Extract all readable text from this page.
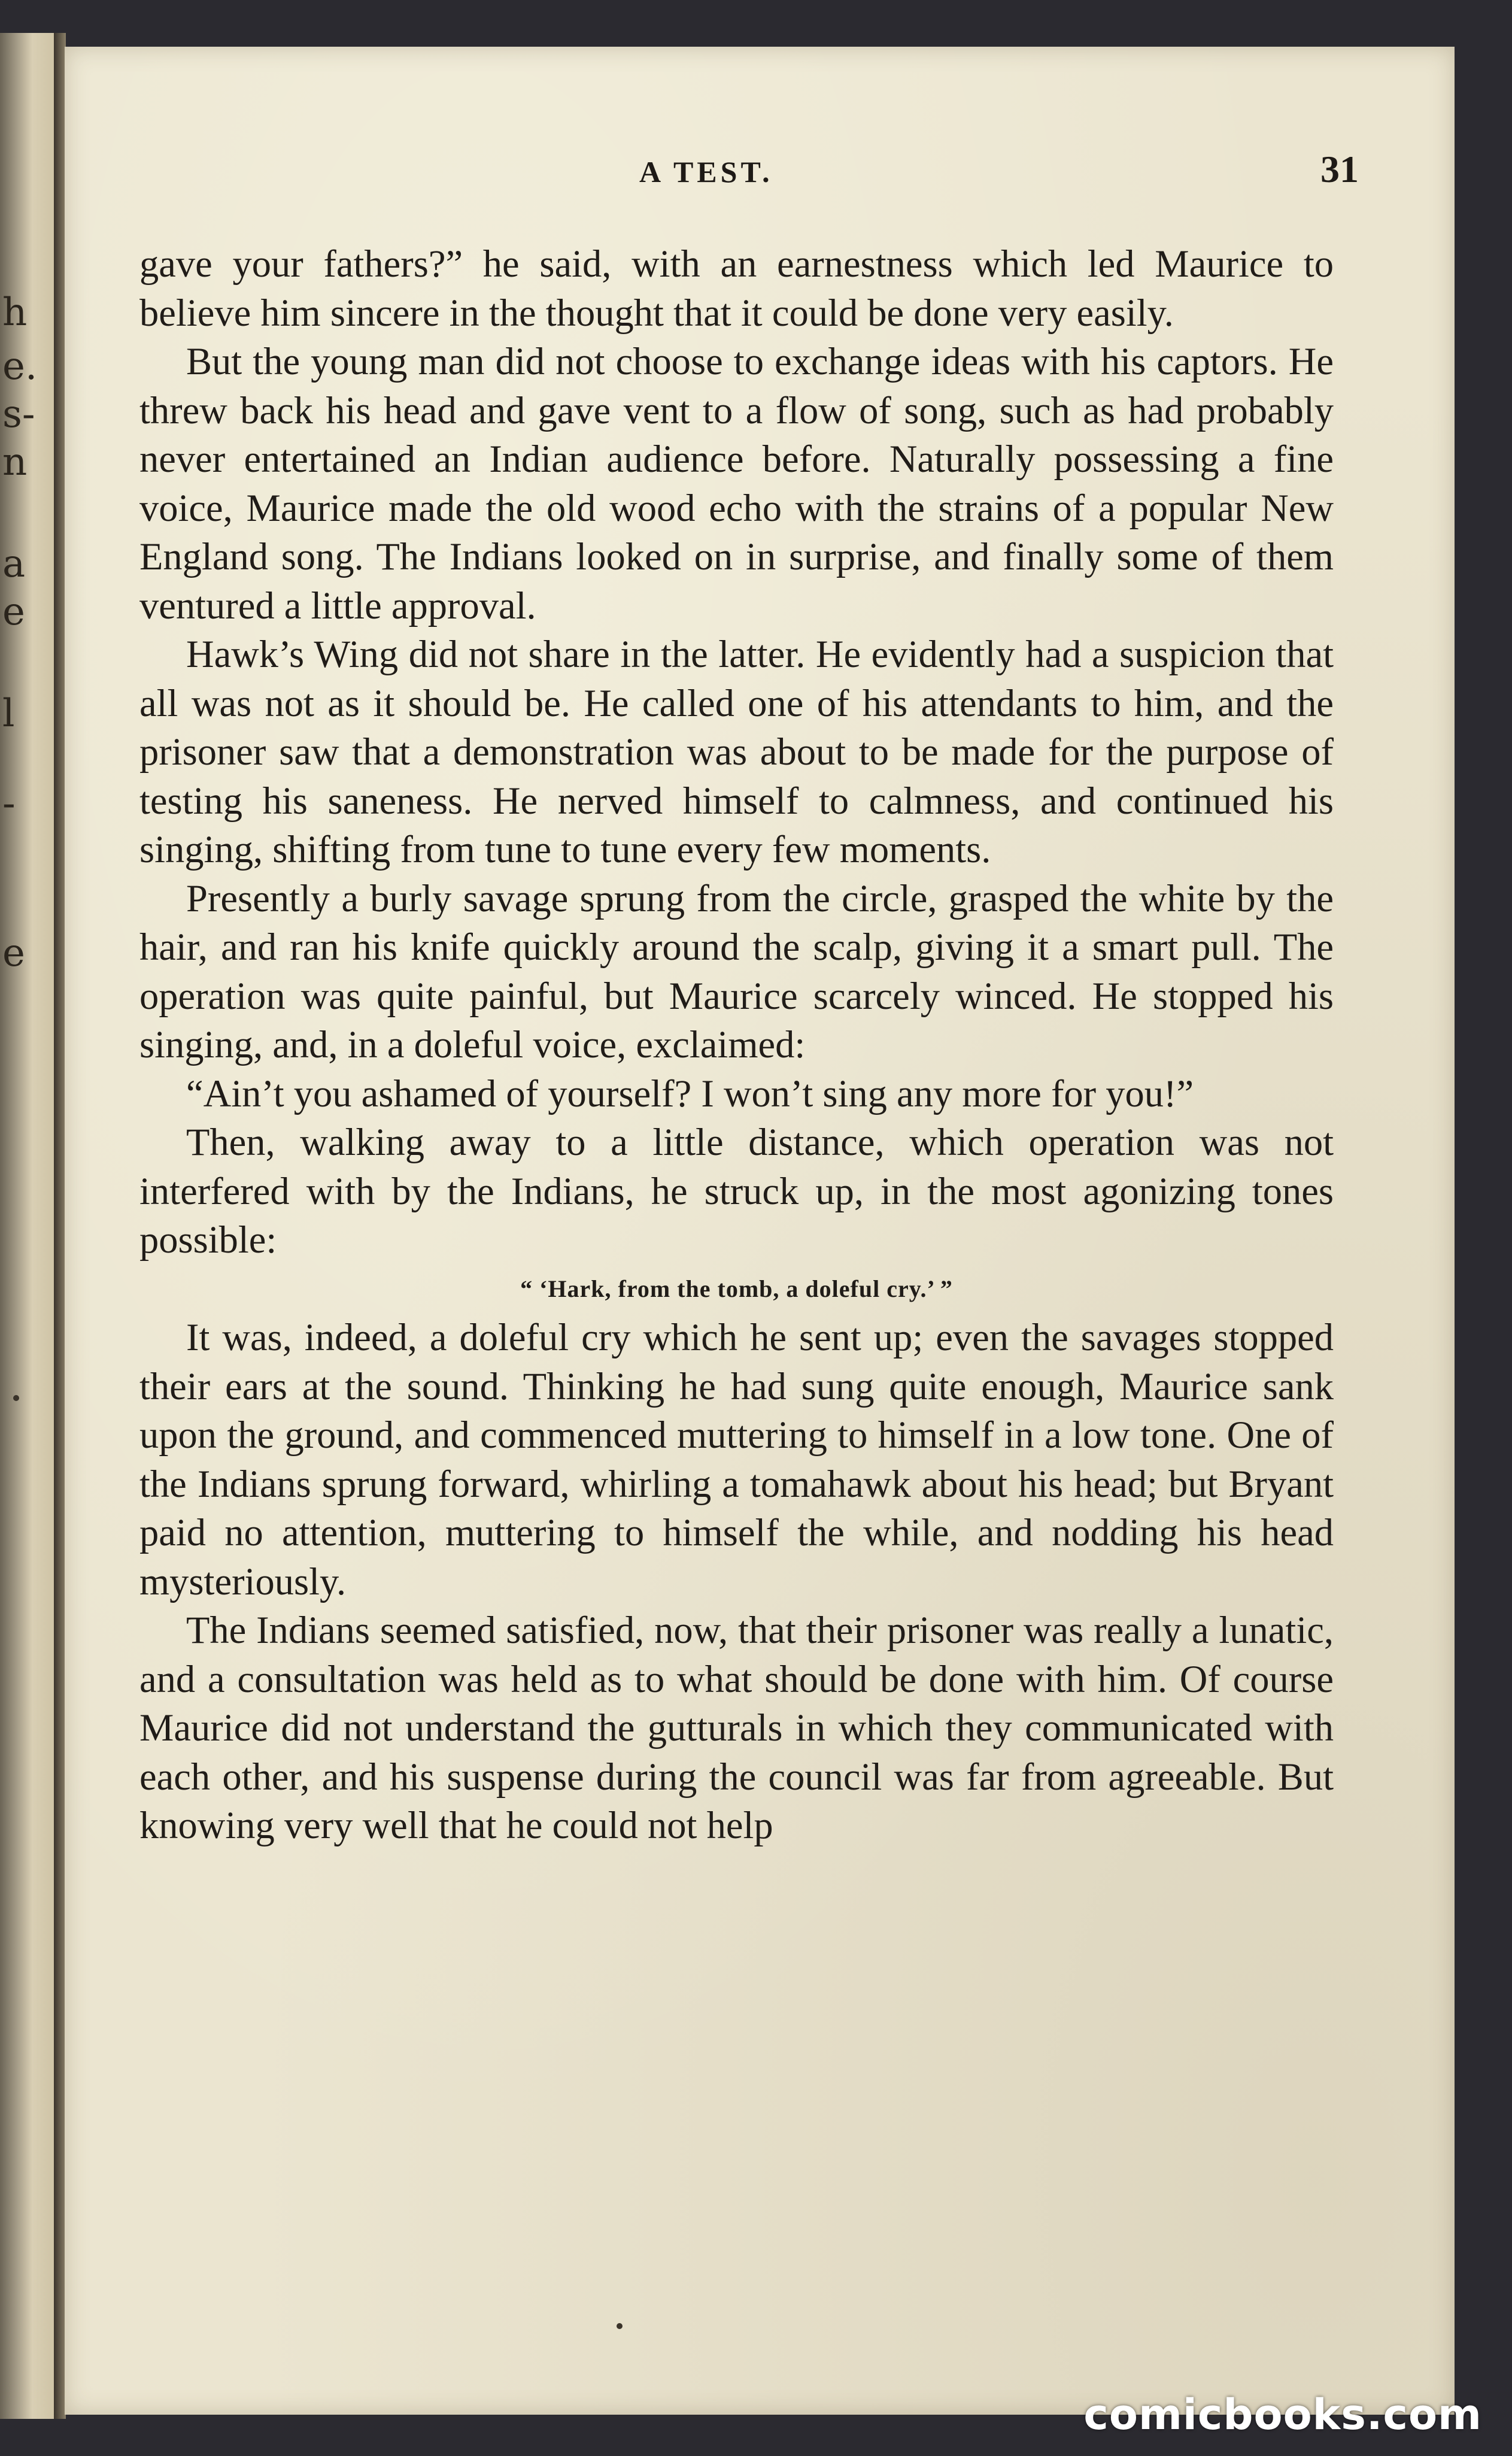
h
e.
s-
n
a
e
l
-
e
A TEST.	31

gave your fathers?” he said, with an earnestness which led Maurice to believe him sincere in the thought that it could be done very easily.

But the young man did not choose to exchange ideas with his captors. He threw back his head and gave vent to a flow of song, such as had probably never entertained an Indian audience before. Naturally possessing a fine voice, Maurice made the old wood echo with the strains of a popular New England song. The Indians looked on in surprise, and finally some of them ventured a little approval.

Hawk’s Wing did not share in the latter. He evidently had a suspicion that all was not as it should be. He called one of his attendants to him, and the prisoner saw that a demonstration was about to be made for the purpose of testing his saneness. He nerved himself to calmness, and continued his singing, shifting from tune to tune every few moments.

Presently a burly savage sprung from the circle, grasped the white by the hair, and ran his knife quickly around the scalp, giving it a smart pull. The operation was quite painful, but Maurice scarcely winced. He stopped his singing, and, in a doleful voice, exclaimed:

“Ain’t you ashamed of yourself? I won’t sing any more for you!”

Then, walking away to a little distance, which operation was not interfered with by the Indians, he struck up, in the most agonizing tones possible:

“ ‘Hark, from the tomb, a doleful cry.’ ”

It was, indeed, a doleful cry which he sent up; even the savages stopped their ears at the sound. Thinking he had sung quite enough, Maurice sank upon the ground, and commenced muttering to himself in a low tone. One of the Indians sprung forward, whirling a tomahawk about his head; but Bryant paid no attention, muttering to himself the while, and nodding his head mysteriously.

The Indians seemed satisfied, now, that their prisoner was really a lunatic, and a consultation was held as to what should be done with him. Of course Maurice did not understand the gutturals in which they communicated with each other, and his suspense during the council was far from agreeable. But knowing very well that he could not help

comicbooks.com
